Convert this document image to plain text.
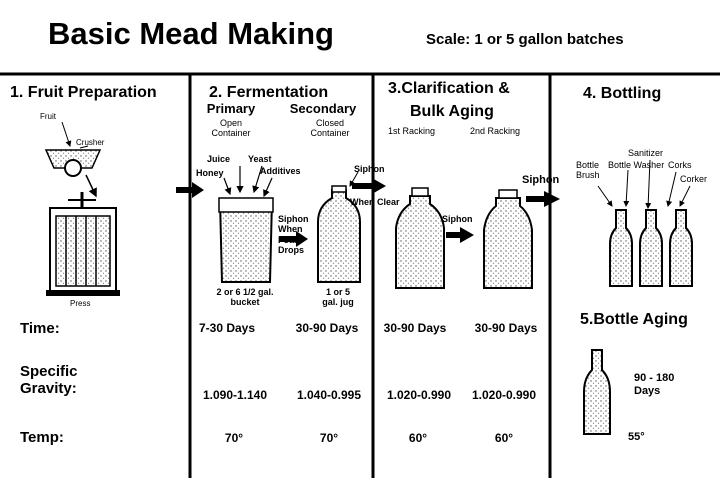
Basic Mead Making	Scale: 1 or 5 gallon batches
1. Fruit Preparation	2. Fermentation	3.Clarification &
Bulk Aging
4. Bottling
5.Bottle Aging
Primary
Open
Container
Secondary
Closed
Container	1st Racking	2nd Racking
Fruit
Crusher
Press
Juice
Honey
Yeast
Additives
Siphon
When
Foam
Drops
2 or 6 1/2 gal.
bucket
1 or 5
gal. jug
Siphon
When Clear
Siphon
Siphon
Bottle
Brush
Bottle Washer
Sanitizer
Corks
Corker
90 - 180
Days
55°
Time:
Specific
Gravity:
Temp:
7-30 Days	30-90 Days 30-90 Days 30-90 Days
1.090-1.140 1.040-0.995 1.020-0.990 1.020-0.990
70°	70°	60°	60°
